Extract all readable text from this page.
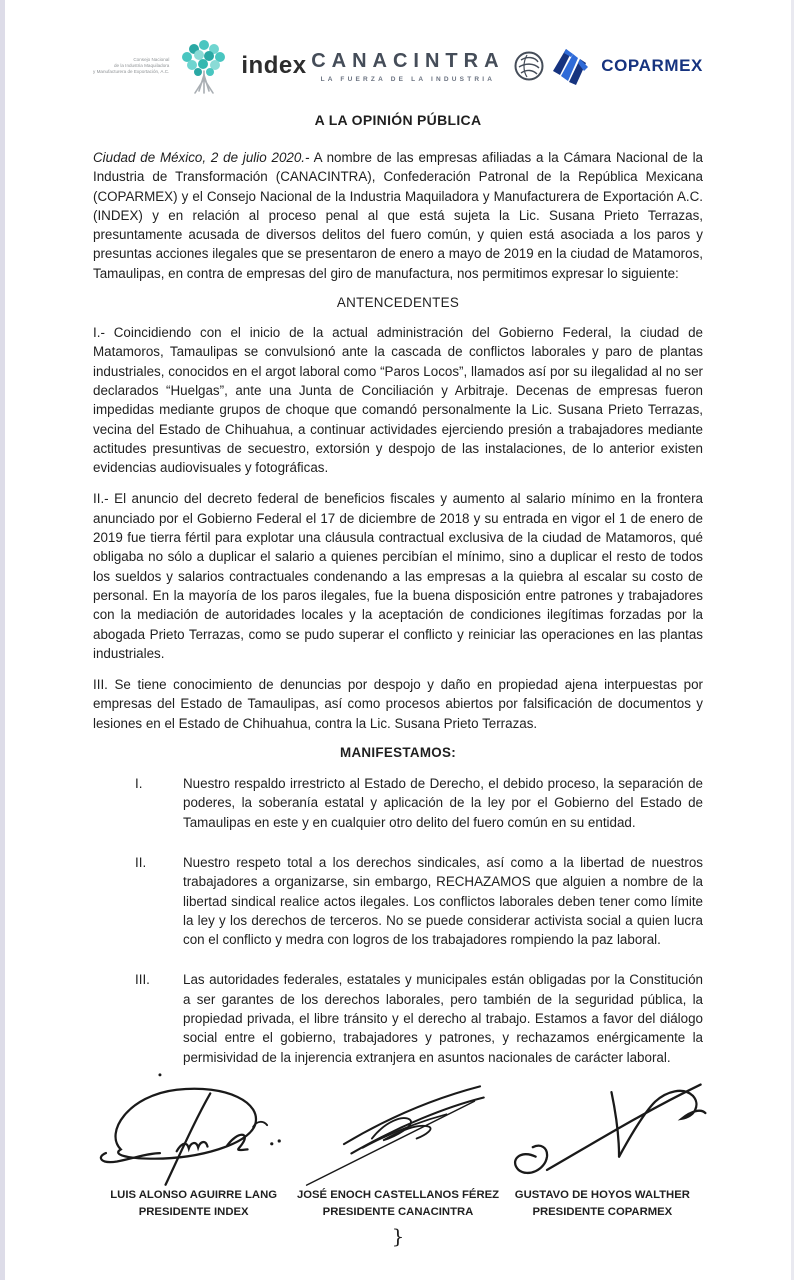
Consejo Nacional
de la Industria Maquiladora
y Manufacturera de Exportación, A.C.	index CANACINTRA
LA FUERZA DE LA INDUSTRIA
COPARMEX
A LA OPINIÓN PÚBLICA

Ciudad de México, 2 de julio 2020.- A nombre de las empresas afiliadas a la Cámara Nacional de la Industria de Transformación (CANACINTRA), Confederación Patronal de la República Mexicana (COPARMEX) y el Consejo Nacional de la Industria Maquiladora y Manufacturera de Exportación A.C. (INDEX) y en relación al proceso penal al que está sujeta la Lic. Susana Prieto Terrazas, presuntamente acusada de diversos delitos del fuero común, y quien está asociada a los paros y presuntas acciones ilegales que se presentaron de enero a mayo de 2019 en la ciudad de Matamoros, Tamaulipas, en contra de empresas del giro de manufactura, nos permitimos expresar lo siguiente:

ANTENCEDENTES

I.- Coincidiendo con el inicio de la actual administración del Gobierno Federal, la ciudad de Matamoros, Tamaulipas se convulsionó ante la cascada de conflictos laborales y paro de plantas industriales, conocidos en el argot laboral como “Paros Locos”, llamados así por su ilegalidad al no ser declarados “Huelgas”, ante una Junta de Conciliación y Arbitraje. Decenas de empresas fueron impedidas mediante grupos de choque que comandó personalmente la Lic. Susana Prieto Terrazas, vecina del Estado de Chihuahua, a continuar actividades ejerciendo presión a trabajadores mediante actitudes presuntivas de secuestro, extorsión y despojo de las instalaciones, de lo anterior existen evidencias audiovisuales y fotográficas.

II.- El anuncio del decreto federal de beneficios fiscales y aumento al salario mínimo en la frontera anunciado por el Gobierno Federal el 17 de diciembre de 2018 y su entrada en vigor el 1 de enero de 2019 fue tierra fértil para explotar una cláusula contractual exclusiva de la ciudad de Matamoros, qué obligaba no sólo a duplicar el salario a quienes percibían el mínimo, sino a duplicar el resto de todos los sueldos y salarios contractuales condenando a las empresas a la quiebra al escalar su costo de personal. En la mayoría de los paros ilegales, fue la buena disposición entre patrones y trabajadores con la mediación de autoridades locales y la aceptación de condiciones ilegítimas forzadas por la abogada Prieto Terrazas, como se pudo superar el conflicto y reiniciar las operaciones en las plantas industriales.

III. Se tiene conocimiento de denuncias por despojo y daño en propiedad ajena interpuestas por empresas del Estado de Tamaulipas, así como procesos abiertos por falsificación de documentos y lesiones en el Estado de Chihuahua, contra la Lic. Susana Prieto Terrazas.

MANIFESTAMOS:
I.	Nuestro respaldo irrestricto al Estado de Derecho, el debido proceso, la separación de poderes, la soberanía estatal y aplicación de la ley por el Gobierno del Estado de Tamaulipas en este y en cualquier otro delito del fuero común en su entidad.
II.	Nuestro respeto total a los derechos sindicales, así como a la libertad de nuestros trabajadores a organizarse, sin embargo, RECHAZAMOS que alguien a nombre de la libertad sindical realice actos ilegales. Los conflictos laborales deben tener como límite la ley y los derechos de terceros. No se puede considerar activista social a quien lucra con el conflicto y medra con logros de los trabajadores rompiendo la paz laboral.
III.	Las autoridades federales, estatales y municipales están obligadas por la Constitución a ser garantes de los derechos laborales, pero también de la seguridad pública, la propiedad privada, el libre tránsito y el derecho al trabajo. Estamos a favor del diálogo social entre el gobierno, trabajadores y patrones, y rechazamos enérgicamente la permisividad de la injerencia extranjera en asuntos nacionales de carácter laboral.
LUIS ALONSO AGUIRRE LANG
PRESIDENTE INDEX
JOSÉ ENOCH CASTELLANOS FÉREZ
PRESIDENTE CANACINTRA
}
GUSTAVO DE HOYOS WALTHER
PRESIDENTE COPARMEX
